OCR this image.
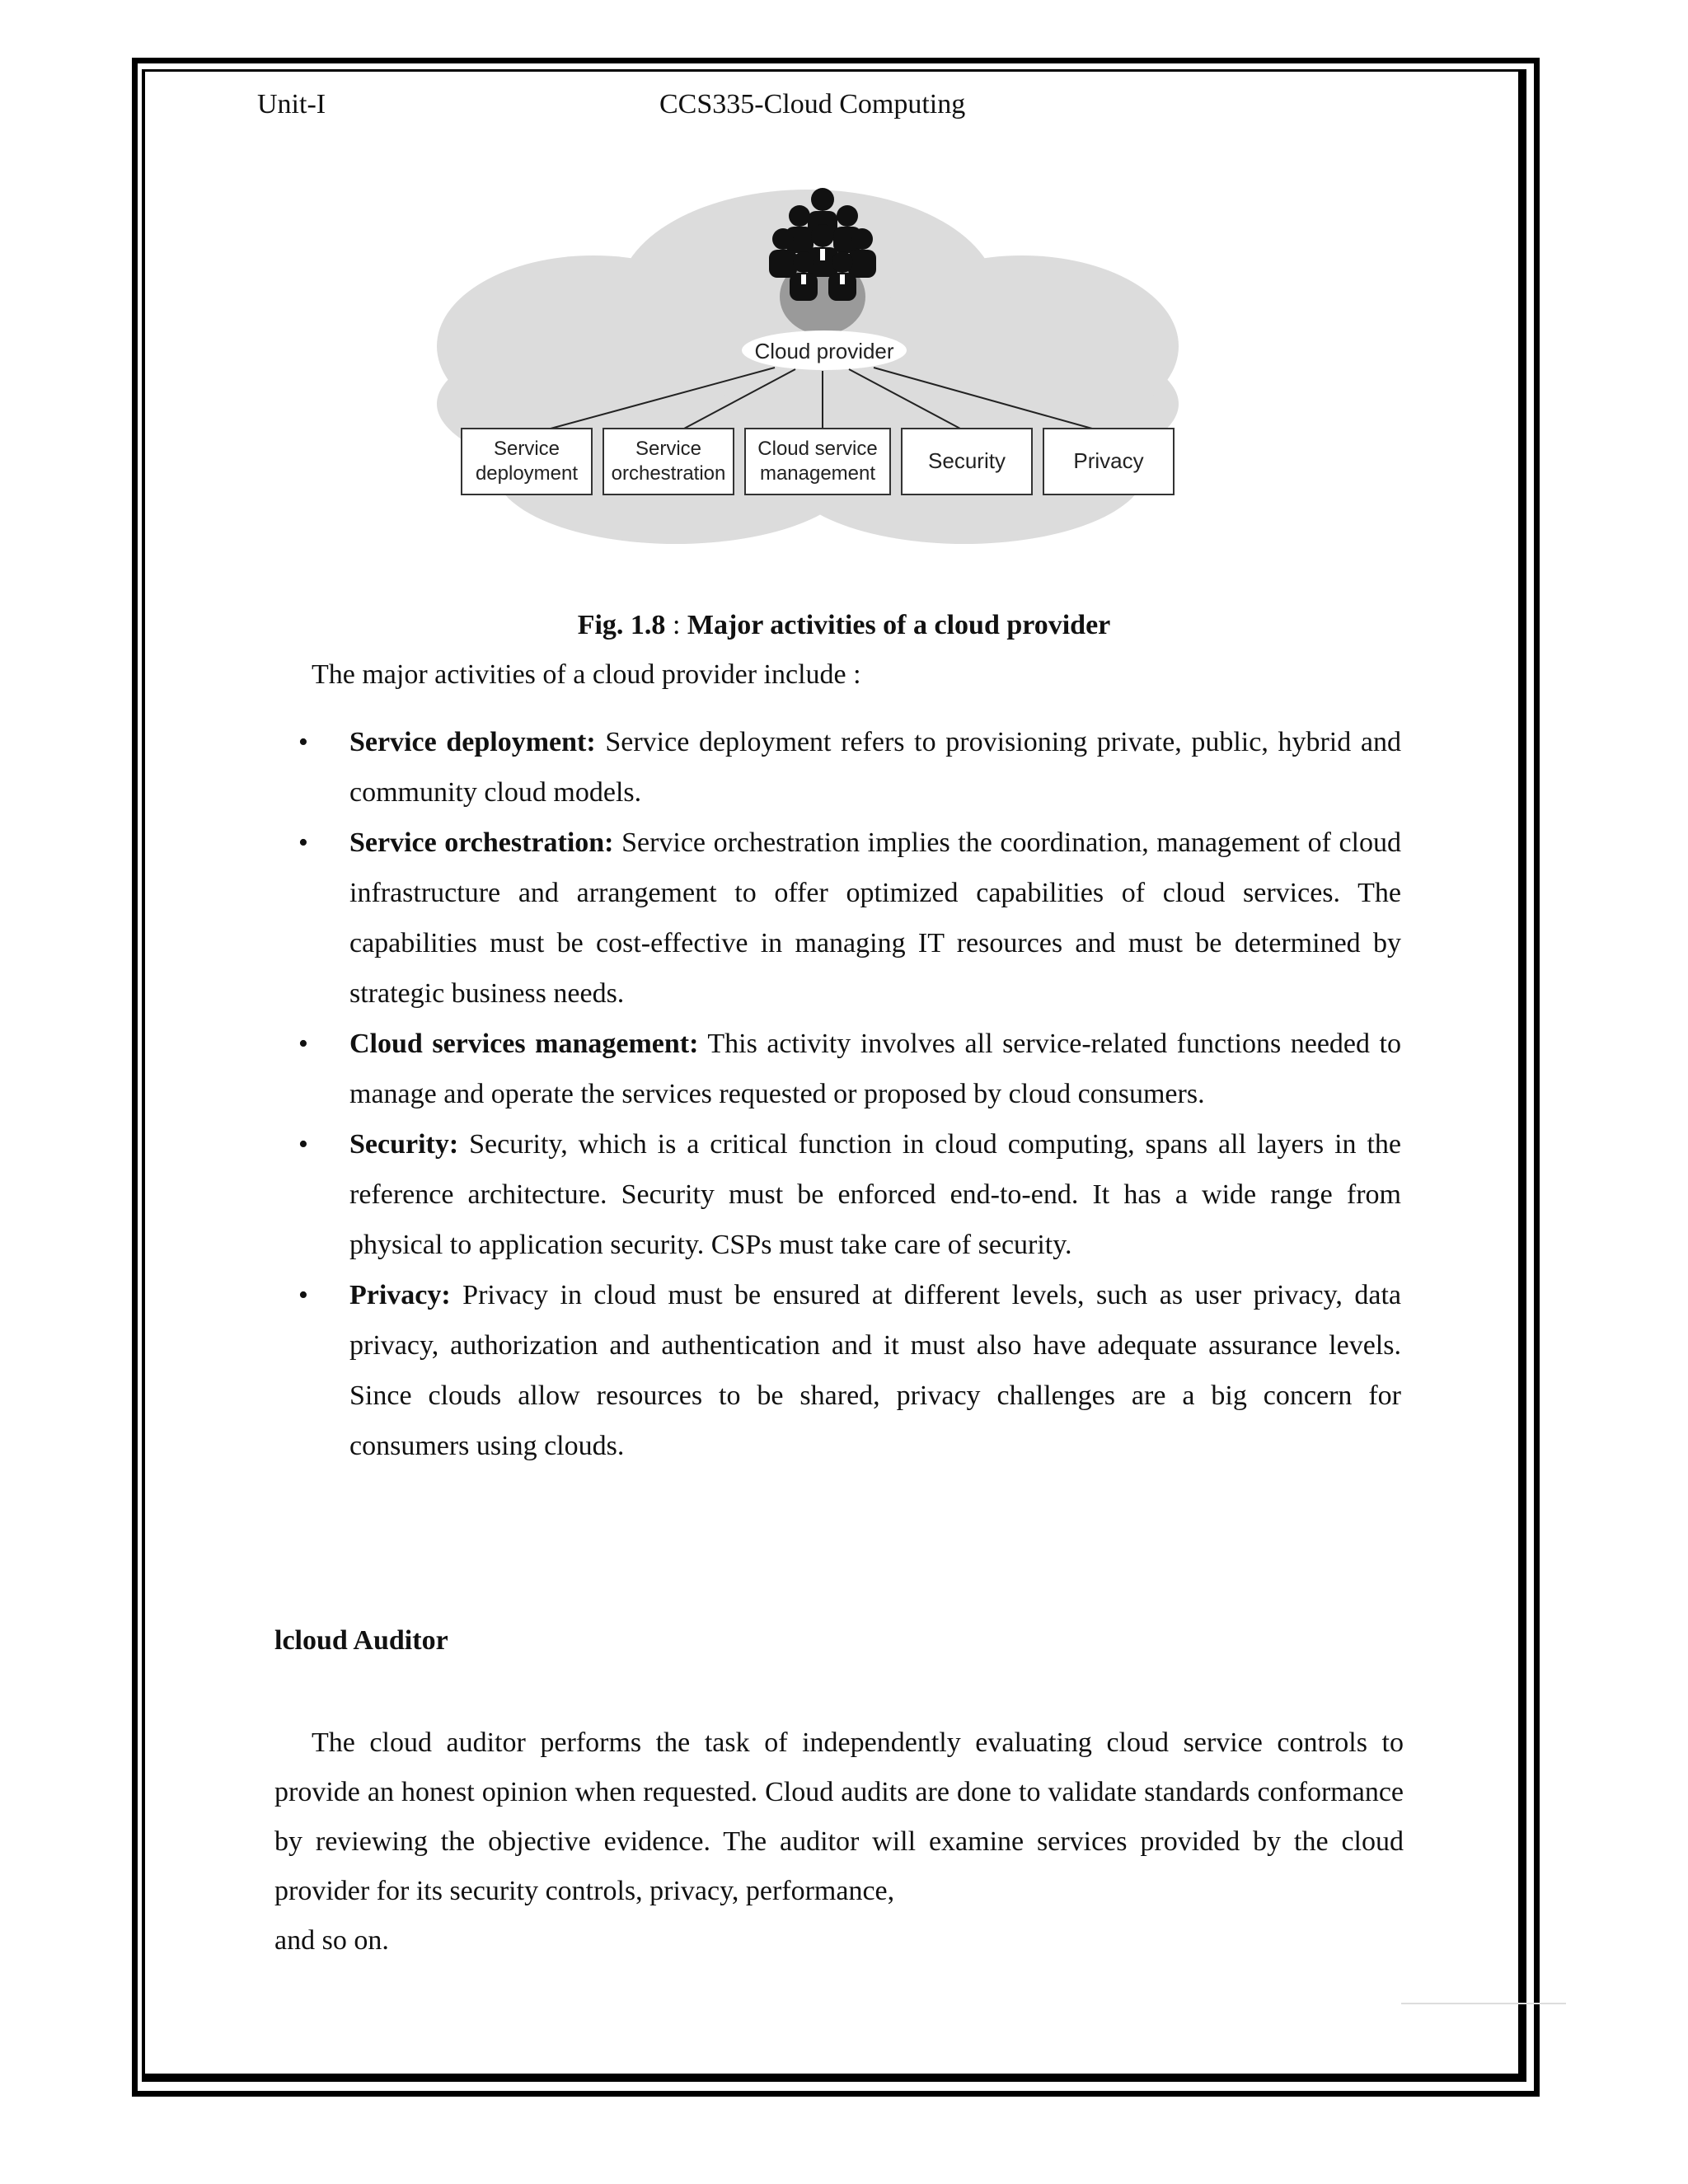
Unit-I	CCS335-Cloud Computing
Cloud provider
Service
deployment
Service
orchestration
Cloud service
management
Security	Privacy
Fig. 1.8 : Major activities of a cloud provider
The major activities of a cloud provider include :
• Service deployment: Service deployment refers to provisioning private, public, hybrid and community cloud models.
• Service orchestration: Service orchestration implies the coordination, management of cloud infrastructure and arrangement to offer optimized capabilities of cloud services. The capabilities must be cost-effective in managing IT resources and must be determined by strategic business needs.
• Cloud services management: This activity involves all service-related functions needed to manage and operate the services requested or proposed by cloud consumers.
• Security: Security, which is a critical function in cloud computing, spans all layers in the reference architecture. Security must be enforced end-to-end. It has a wide range from physical to application security. CSPs must take care of security.
• Privacy: Privacy in cloud must be ensured at different levels, such as user privacy, data privacy, authorization and authentication and it must also have adequate assurance levels. Since clouds allow resources to be shared, privacy challenges are a big concern for consumers using clouds.
lcloud Auditor
The cloud auditor performs the task of independently evaluating cloud service controls to provide an honest opinion when requested. Cloud audits are done to validate standards conformance by reviewing the objective evidence. The auditor will examine services provided by the cloud provider for its security controls, privacy, performance,
and so on.
